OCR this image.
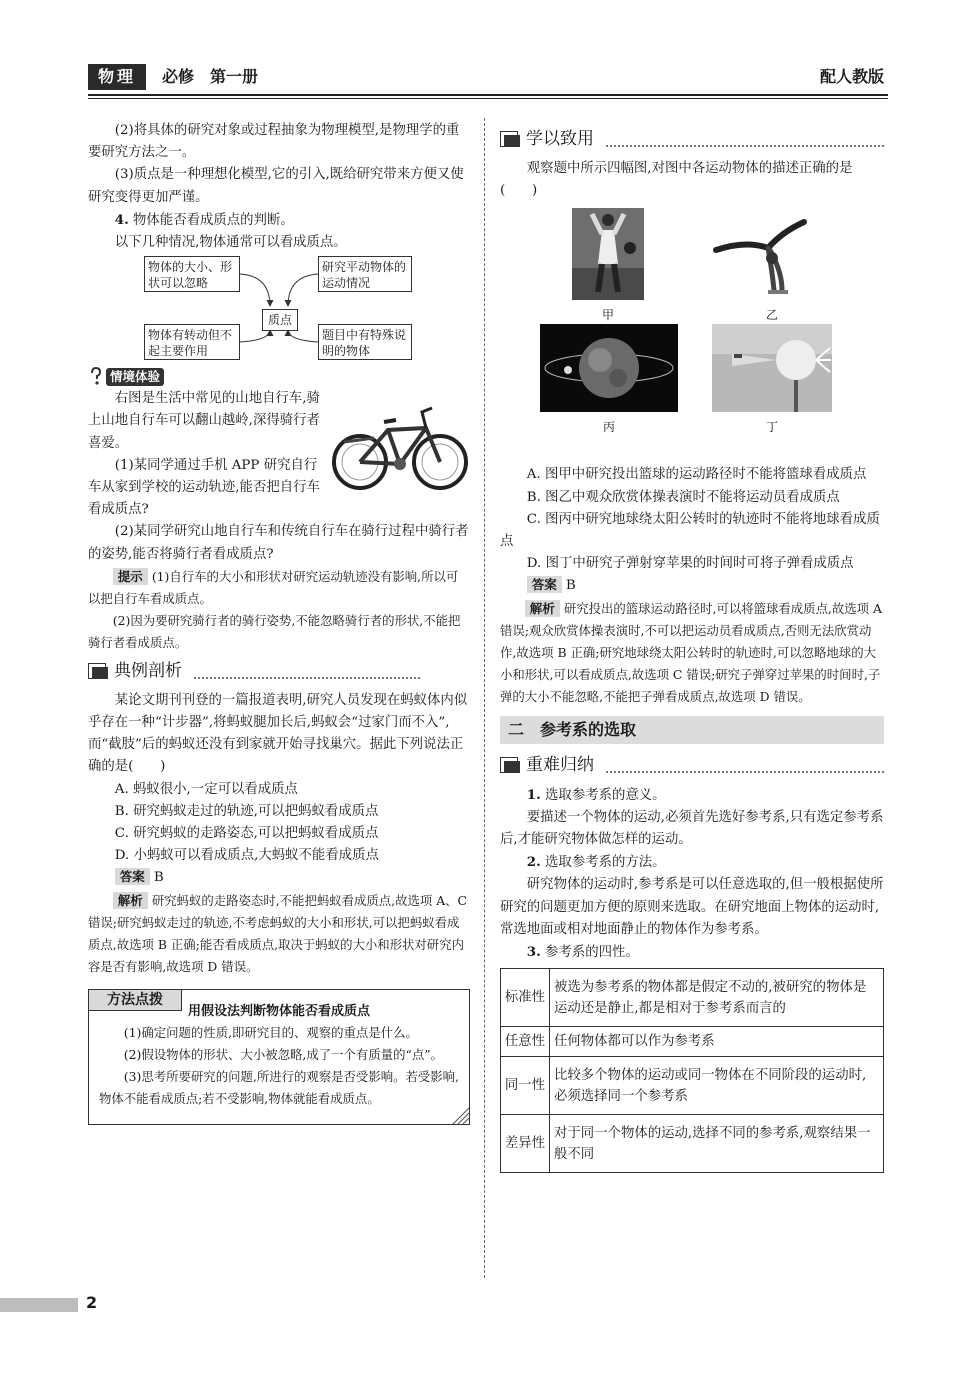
物理	必修　第一册	配人教版

(2)将具体的研究对象或过程抽象为物理模型,是物理学的重要研究方法之一。

(3)质点是一种理想化模型,它的引入,既给研究带来方便又使研究变得更加严谨。

4. 物体能否看成质点的判断。

以下几种情况,物体通常可以看成质点。

物体的大小、形状可以忽略
研究平动物体的运动情况
质点
物体有转动但不起主要作用
题目中有特殊说明的物体
情境体验

右图是生活中常见的山地自行车,骑上山地自行车可以翻山越岭,深得骑行者喜爱。

(1)某同学通过手机 APP 研究自行车从家到学校的运动轨迹,能否把自行车看成质点?

(2)某同学研究山地自行车和传统自行车在骑行过程中骑行者的姿势,能否将骑行者看成质点?

提示 (1)自行车的大小和形状对研究运动轨迹没有影响,所以可以把自行车看成质点。

(2)因为要研究骑行者的骑行姿势,不能忽略骑行者的形状,不能把骑行者看成质点。

典例剖析

某论文期刊刊登的一篇报道表明,研究人员发现在蚂蚁体内似乎存在一种“计步器”,将蚂蚁腿加长后,蚂蚁会“过家门而不入”,而“截肢”后的蚂蚁还没有到家就开始寻找巢穴。据此下列说法正确的是(　　)

A. 蚂蚁很小,一定可以看成质点

B. 研究蚂蚁走过的轨迹,可以把蚂蚁看成质点

C. 研究蚂蚁的走路姿态,可以把蚂蚁看成质点

D. 小蚂蚁可以看成质点,大蚂蚁不能看成质点

答案 B

解析 研究蚂蚁的走路姿态时,不能把蚂蚁看成质点,故选项 A、C 错误;研究蚂蚁走过的轨迹,不考虑蚂蚁的大小和形状,可以把蚂蚁看成质点,故选项 B 正确;能否看成质点,取决于蚂蚁的大小和形状对研究内容是否有影响,故选项 D 错误。

方法点拨

用假设法判断物体能否看成质点

(1)确定问题的性质,即研究目的、观察的重点是什么。

(2)假设物体的形状、大小被忽略,成了一个有质量的“点”。

(3)思考所要研究的问题,所进行的观察是否受影响。若受影响,物体不能看成质点;若不受影响,物体就能看成质点。

学以致用

观察题中所示四幅图,对图中各运动物体的描述正确的是(　　)

甲	乙
丙	丁

A. 图甲中研究投出篮球的运动路径时不能将篮球看成质点

B. 图乙中观众欣赏体操表演时不能将运动员看成质点

C. 图丙中研究地球绕太阳公转时的轨迹时不能将地球看成质点

D. 图丁中研究子弹射穿苹果的时间时可将子弹看成质点

答案 B

解析 研究投出的篮球运动路径时,可以将篮球看成质点,故选项 A 错误;观众欣赏体操表演时,不可以把运动员看成质点,否则无法欣赏动作,故选项 B 正确;研究地球绕太阳公转时的轨迹时,可以忽略地球的大小和形状,可以看成质点,故选项 C 错误;研究子弹穿过苹果的时间时,子弹的大小不能忽略,不能把子弹看成质点,故选项 D 错误。

二 参考系的选取
重难归纳

1. 选取参考系的意义。

要描述一个物体的运动,必须首先选好参考系,只有选定参考系后,才能研究物体做怎样的运动。

2. 选取参考系的方法。

研究物体的运动时,参考系是可以任意选取的,但一般根据使所研究的问题更加方便的原则来选取。在研究地面上物体的运动时,常选地面或相对地面静止的物体作为参考系。

3. 参考系的四性。

标准性	被选为参考系的物体都是假定不动的,被研究的物体是运动还是静止,都是相对于参考系而言的
任意性	任何物体都可以作为参考系
同一性	比较多个物体的运动或同一物体在不同阶段的运动时,必须选择同一个参考系
差异性	对于同一个物体的运动,选择不同的参考系,观察结果一般不同
2
